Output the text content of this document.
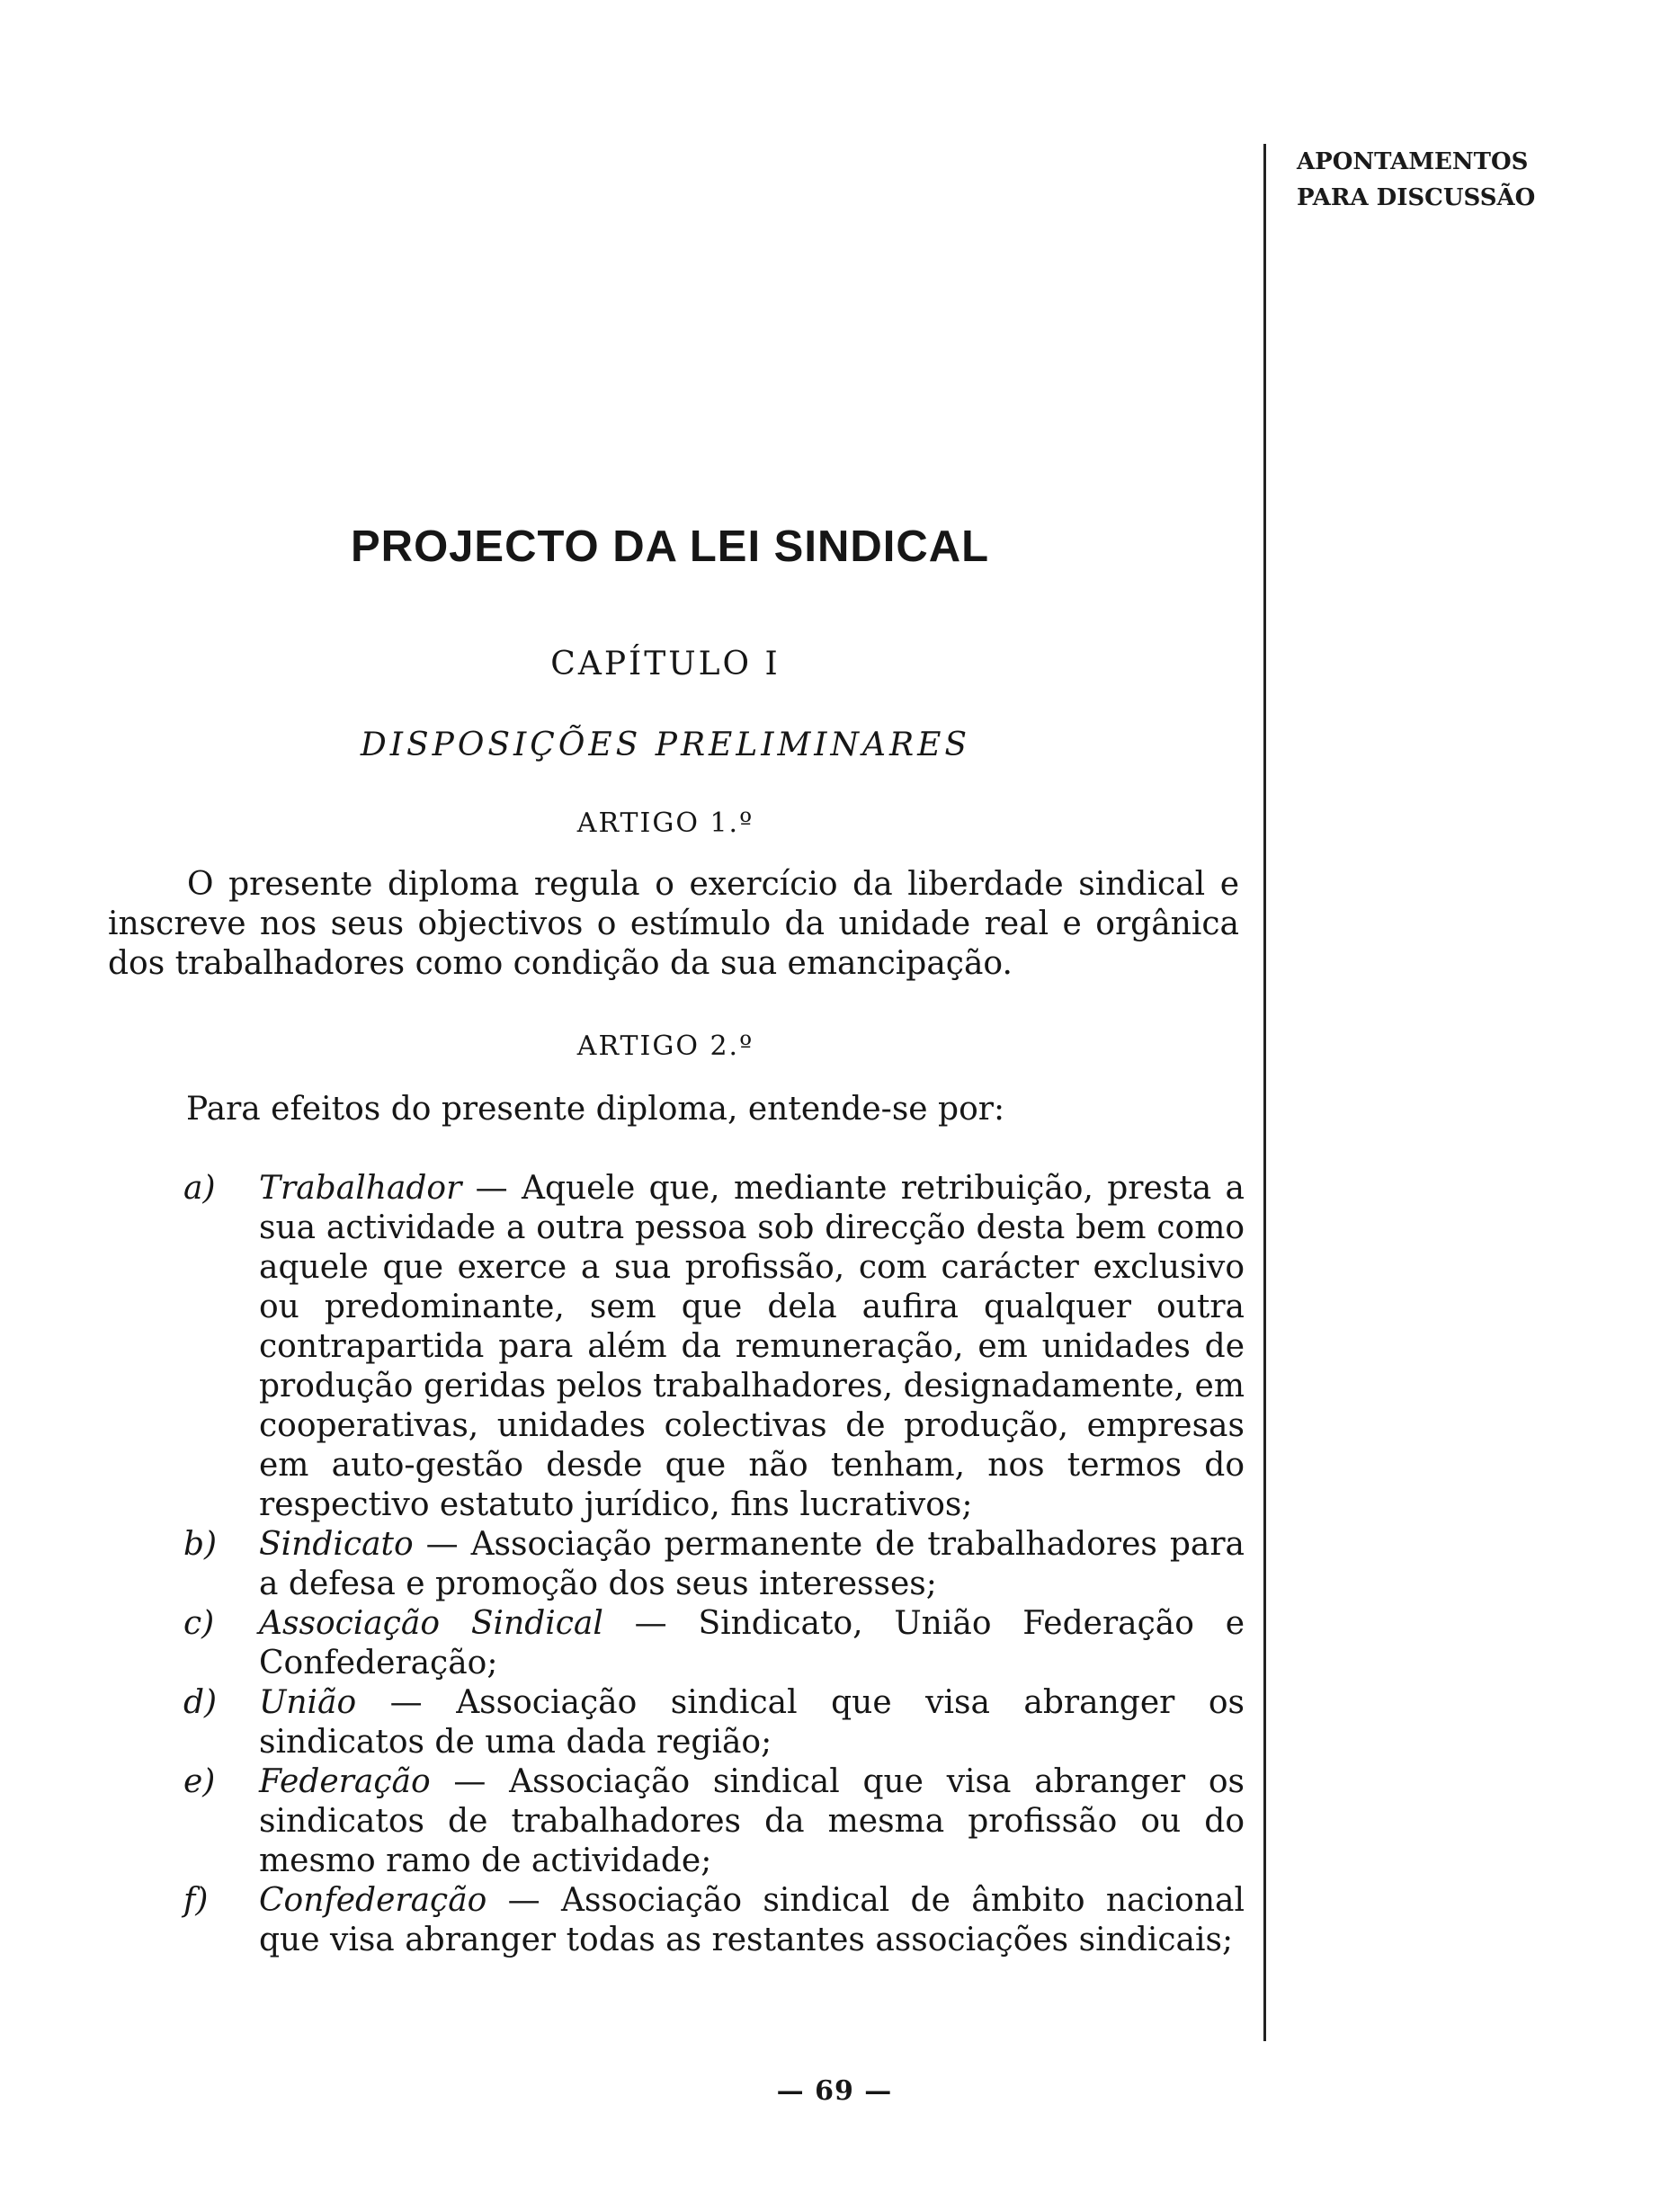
APONTAMENTOS
PARA DISCUSSÃO
PROJECTO DA LEI SINDICAL
CAPÍTULO I
DISPOSIÇÕES PRELIMINARES
ARTIGO 1.º
O presente diploma regula o exercício da liberdade sindical e inscreve nos seus objectivos o estímulo da unidade real e orgânica dos trabalhadores como condição da sua emancipação.
ARTIGO 2.º
Para efeitos do presente diploma, entende-se por:
a)	Trabalhador — Aquele que, mediante retribuição, presta a sua actividade a outra pessoa sob direcção desta bem como aquele que exerce a sua profissão, com carácter exclusivo ou predominante, sem que dela aufira qualquer outra contrapartida para além da remuneração, em unidades de produção geridas pelos trabalhadores, designadamente, em cooperativas, unidades colectivas de produção, empresas em auto-gestão desde que não tenham, nos termos do respectivo estatuto jurídico, fins lucrativos;
b)	Sindicato — Associação permanente de trabalhadores para a defesa e promoção dos seus interesses;
c)	Associação Sindical — Sindicato, União Federação e Confederação;
d)	União — Associação sindical que visa abranger os sindicatos de uma dada região;
e)	Federação — Associação sindical que visa abranger os sindicatos de trabalhadores da mesma profissão ou do mesmo ramo de actividade;
f)	Confederação — Associação sindical de âmbito nacional que visa abranger todas as restantes associações sindicais;
— 69 —
